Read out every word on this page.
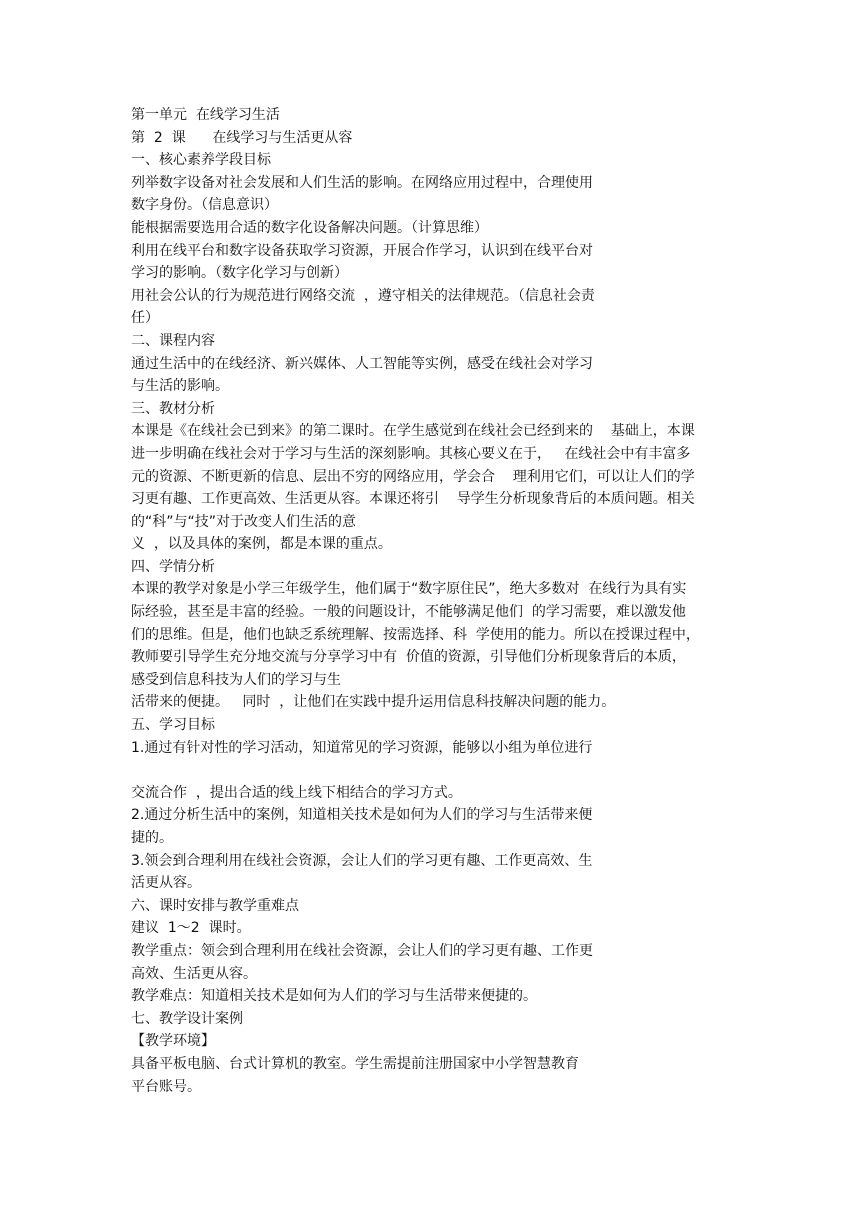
第一单元  在线学习生活
第  2  课      在线学习与生活更从容
一、核心素养学段目标
列举数字设备对社会发展和人们生活的影响。在网络应用过程中，合理使用
数字身份。（信息意识）
能根据需要选用合适的数字化设备解决问题。（计算思维）
利用在线平台和数字设备获取学习资源，开展合作学习，认识到在线平台对
学习的影响。（数字化学习与创新）
用社会公认的行为规范进行网络交流  ，遵守相关的法律规范。（信息社会责
任）
二、课程内容
通过生活中的在线经济、新兴媒体、人工智能等实例，感受在线社会对学习
与生活的影响。
三、教材分析
本课是《在线社会已到来》的第二课时。在学生感觉到在线社会已经到来的    基础上，本课
进一步明确在线社会对于学习与生活的深刻影响。其核心要义在于，   在线社会中有丰富多
元的资源、不断更新的信息、层出不穷的网络应用，学会合    理利用它们，可以让人们的学
习更有趣、工作更高效、生活更从容。本课还将引    导学生分析现象背后的本质问题。相关
的“科”与“技”对于改变人们生活的意
义  ，以及具体的案例，都是本课的重点。
四、学情分析
本课的教学对象是小学三年级学生，他们属于“数字原住民”，绝大多数对  在线行为具有实
际经验，甚至是丰富的经验。一般的问题设计，不能够满足他们  的学习需要，难以激发他
们的思维。但是，他们也缺乏系统理解、按需选择、科  学使用的能力。所以在授课过程中，
教师要引导学生充分地交流与分享学习中有  价值的资源，引导他们分析现象背后的本质，
感受到信息科技为人们的学习与生
活带来的便捷。   同时  ，让他们在实践中提升运用信息科技解决问题的能力。
五、学习目标
1.通过有针对性的学习活动，知道常见的学习资源，能够以小组为单位进行
交流合作  ，提出合适的线上线下相结合的学习方式。
2.通过分析生活中的案例，知道相关技术是如何为人们的学习与生活带来便
捷的。
3.领会到合理利用在线社会资源，会让人们的学习更有趣、工作更高效、生
活更从容。
六、课时安排与教学重难点
建议  1～2  课时。
教学重点：领会到合理利用在线社会资源，会让人们的学习更有趣、工作更
高效、生活更从容。
教学难点：知道相关技术是如何为人们的学习与生活带来便捷的。
七、教学设计案例
【教学环境】
具备平板电脑、台式计算机的教室。学生需提前注册国家中小学智慧教育
平台账号。
